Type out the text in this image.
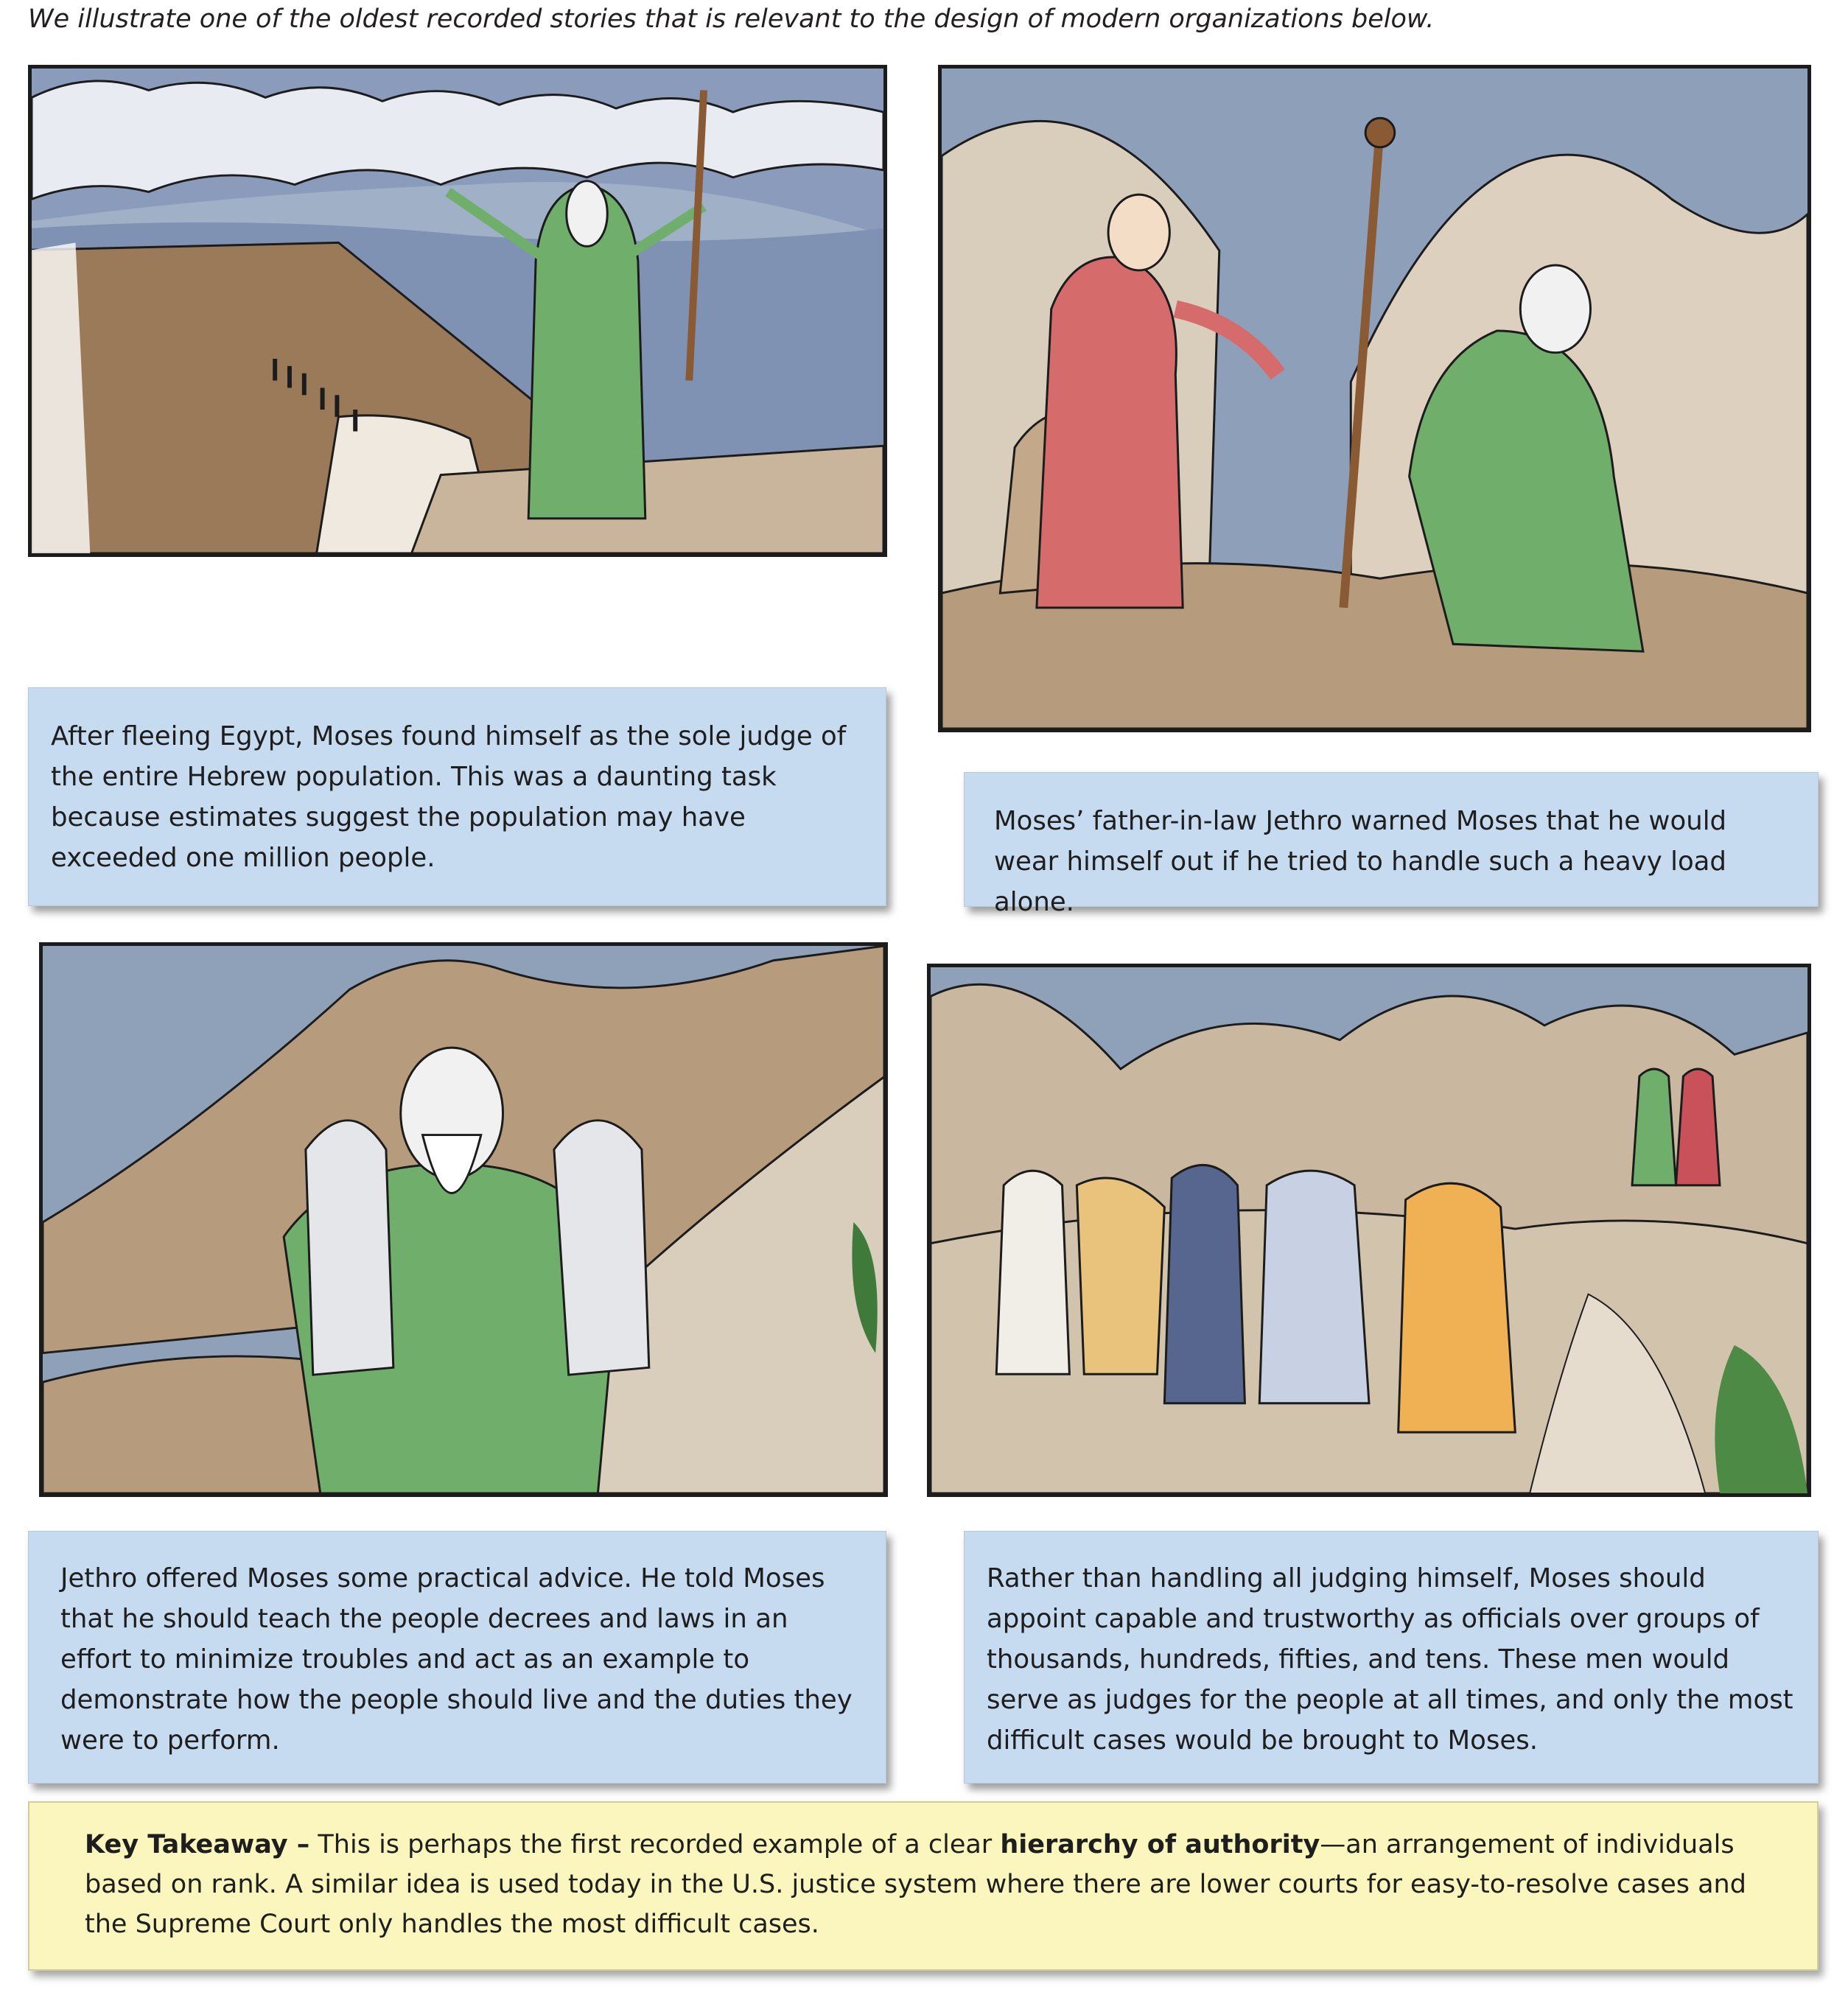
We illustrate one of the oldest recorded stories that is relevant to the design of modern organizations below.

After fleeing Egypt, Moses found himself as the sole judge of the entire Hebrew population. This was a daunting task because estimates suggest the population may have exceeded one million people.

Moses’ father-in-law Jethro warned Moses that he would wear himself out if he tried to handle such a heavy load alone.

Jethro offered Moses some practical advice. He told Moses that he should teach the people decrees and laws in an effort to minimize troubles and act as an example to demonstrate how the people should live and the duties they were to perform.

Rather than handling all judging himself, Moses should appoint capable and trustworthy as officials over groups of thousands, hundreds, fifties, and tens. These men would serve as judges for the people at all times, and only the most difficult cases would be brought to Moses.

Key Takeaway – This is perhaps the first recorded example of a clear hierarchy of authority—an arrangement of individuals based on rank. A similar idea is used today in the U.S. justice system where there are lower courts for easy-to-resolve cases and the Supreme Court only handles the most difficult cases.
